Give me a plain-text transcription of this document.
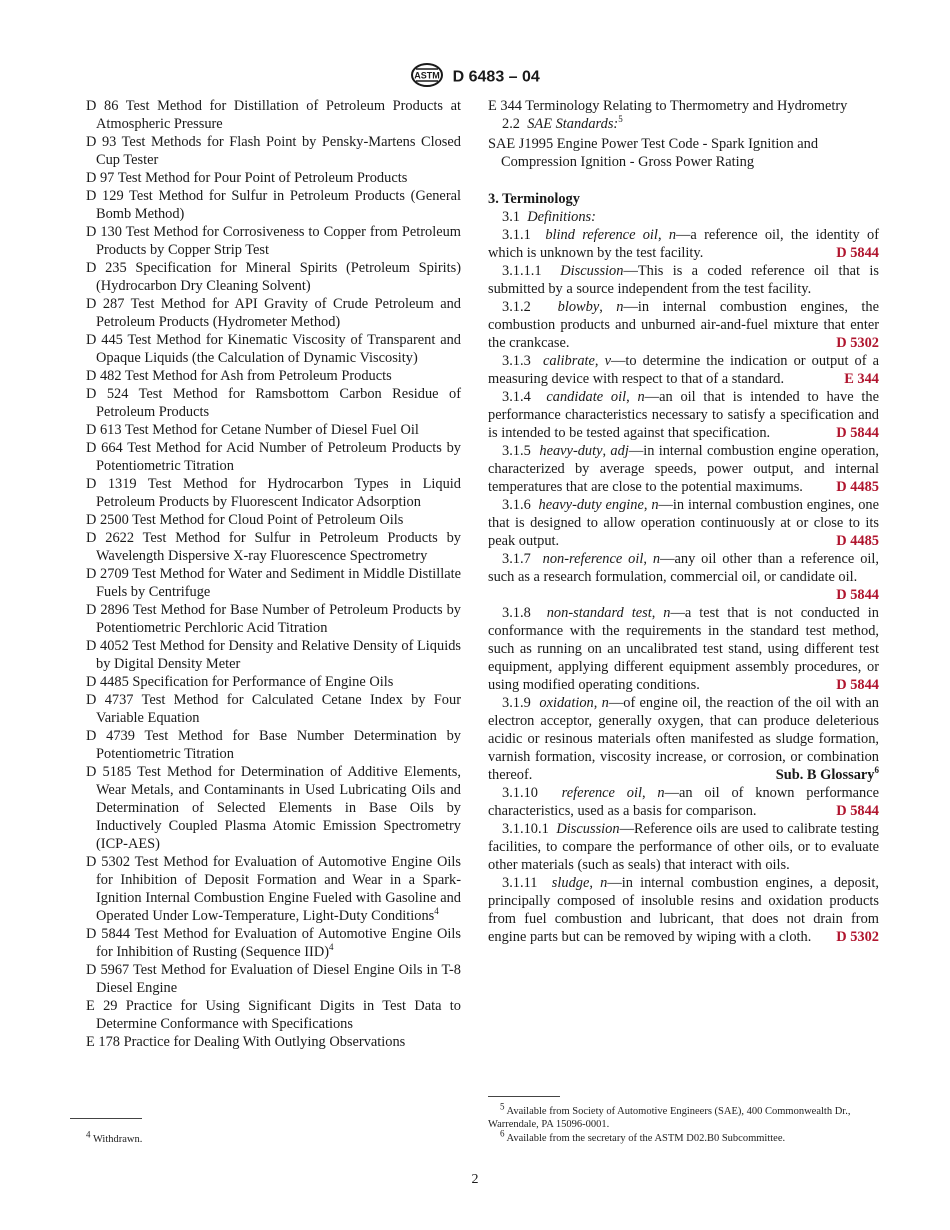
ASTM D 6483 – 04
D 86 Test Method for Distillation of Petroleum Products at Atmospheric Pressure
D 93 Test Methods for Flash Point by Pensky-Martens Closed Cup Tester
D 97 Test Method for Pour Point of Petroleum Products
D 129 Test Method for Sulfur in Petroleum Products (General Bomb Method)
D 130 Test Method for Corrosiveness to Copper from Petroleum Products by Copper Strip Test
D 235 Specification for Mineral Spirits (Petroleum Spirits) (Hydrocarbon Dry Cleaning Solvent)
D 287 Test Method for API Gravity of Crude Petroleum and Petroleum Products (Hydrometer Method)
D 445 Test Method for Kinematic Viscosity of Transparent and Opaque Liquids (the Calculation of Dynamic Viscosity)
D 482 Test Method for Ash from Petroleum Products
D 524 Test Method for Ramsbottom Carbon Residue of Petroleum Products
D 613 Test Method for Cetane Number of Diesel Fuel Oil
D 664 Test Method for Acid Number of Petroleum Products by Potentiometric Titration
D 1319 Test Method for Hydrocarbon Types in Liquid Petroleum Products by Fluorescent Indicator Adsorption
D 2500 Test Method for Cloud Point of Petroleum Oils
D 2622 Test Method for Sulfur in Petroleum Products by Wavelength Dispersive X-ray Fluorescence Spectrometry
D 2709 Test Method for Water and Sediment in Middle Distillate Fuels by Centrifuge
D 2896 Test Method for Base Number of Petroleum Products by Potentiometric Perchloric Acid Titration
D 4052 Test Method for Density and Relative Density of Liquids by Digital Density Meter
D 4485 Specification for Performance of Engine Oils
D 4737 Test Method for Calculated Cetane Index by Four Variable Equation
D 4739 Test Method for Base Number Determination by Potentiometric Titration
D 5185 Test Method for Determination of Additive Elements, Wear Metals, and Contaminants in Used Lubricating Oils and Determination of Selected Elements in Base Oils by Inductively Coupled Plasma Atomic Emission Spectrometry (ICP-AES)
D 5302 Test Method for Evaluation of Automotive Engine Oils for Inhibition of Deposit Formation and Wear in a Spark-Ignition Internal Combustion Engine Fueled with Gasoline and Operated Under Low-Temperature, Light-Duty Conditions$^4$
D 5844 Test Method for Evaluation of Automotive Engine Oils for Inhibition of Rusting (Sequence IID)$^4$
D 5967 Test Method for Evaluation of Diesel Engine Oils in T-8 Diesel Engine
E 29 Practice for Using Significant Digits in Test Data to Determine Conformance with Specifications
E 178 Practice for Dealing With Outlying Observations
E 344 Terminology Relating to Thermometry and Hydrometry
2.2 SAE Standards:$^5$
SAE J1995 Engine Power Test Code - Spark Ignition and Compression Ignition - Gross Power Rating
3. Terminology
3.1 Definitions:
3.1.1 blind reference oil, n—a reference oil, the identity of which is unknown by the test facility.	D 5844
3.1.1.1 Discussion—This is a coded reference oil that is submitted by a source independent from the test facility.
3.1.2 blowby, n—in internal combustion engines, the combustion products and unburned air-and-fuel mixture that enter the crankcase.	D 5302
3.1.3 calibrate, v—to determine the indication or output of a measuring device with respect to that of a standard.	E 344
3.1.4 candidate oil, n—an oil that is intended to have the performance characteristics necessary to satisfy a specification and is intended to be tested against that specification.	D 5844
3.1.5 heavy-duty, adj—in internal combustion engine operation, characterized by average speeds, power output, and internal temperatures that are close to the potential maximums.	D 4485
3.1.6 heavy-duty engine, n—in internal combustion engines, one that is designed to allow operation continuously at or close to its peak output.	D 4485
3.1.7 non-reference oil, n—any oil other than a reference oil, such as a research formulation, commercial oil, or candidate oil.
D 5844
3.1.8 non-standard test, n—a test that is not conducted in conformance with the requirements in the standard test method, such as running on an uncalibrated test stand, using different test equipment, applying different equipment assembly procedures, or using modified operating conditions.	D 5844
3.1.9 oxidation, n—of engine oil, the reaction of the oil with an electron acceptor, generally oxygen, that can produce deleterious acidic or resinous materials often manifested as sludge formation, varnish formation, viscosity increase, or corrosion, or combination thereof.	Sub. B Glossary$^6$
3.1.10 reference oil, n—an oil of known performance characteristics, used as a basis for comparison.	D 5844
3.1.10.1 Discussion—Reference oils are used to calibrate testing facilities, to compare the performance of other oils, or to evaluate other materials (such as seals) that interact with oils.
3.1.11 sludge, n—in internal combustion engines, a deposit, principally composed of insoluble resins and oxidation products from fuel combustion and lubricant, that does not drain from engine parts but can be removed by wiping with a cloth.	D 5302
$^4$ Withdrawn.
$^5$ Available from Society of Automotive Engineers (SAE), 400 Commonwealth Dr., Warrendale, PA 15096-0001.
$^6$ Available from the secretary of the ASTM D02.B0 Subcommittee.
2
